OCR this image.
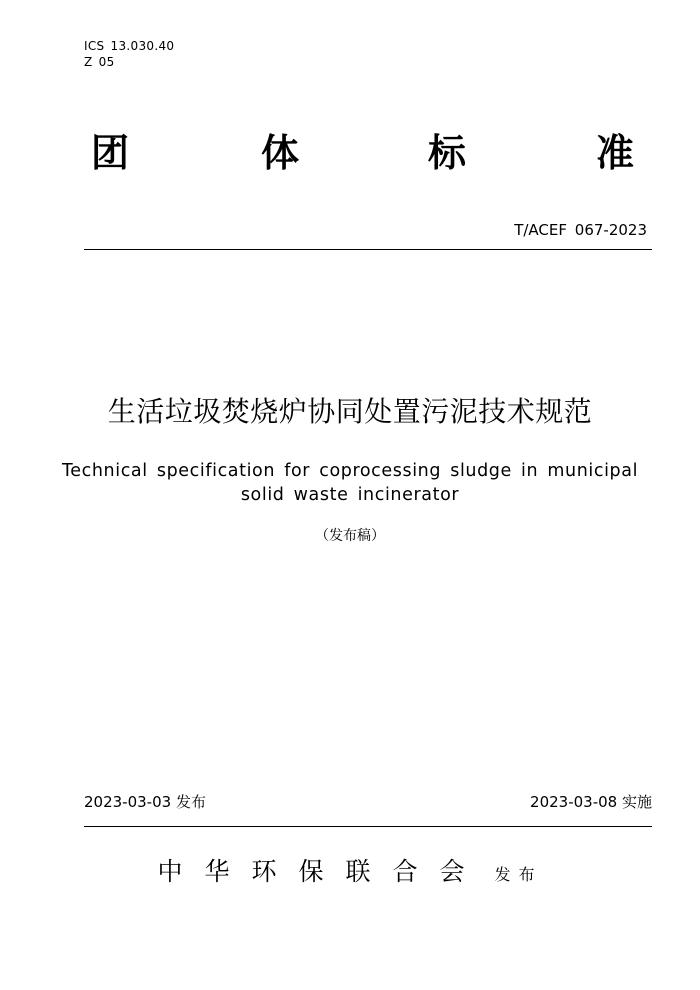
ICS 13.030.40
Z 05
团	体	标	准
T/ACEF 067-2023
生活垃圾焚烧炉协同处置污泥技术规范
Technical specification for coprocessing sludge in municipal
solid waste incinerator
（发布稿）
2023-03-03 发布	2023-03-08 实施
中华环保联合会 发布
